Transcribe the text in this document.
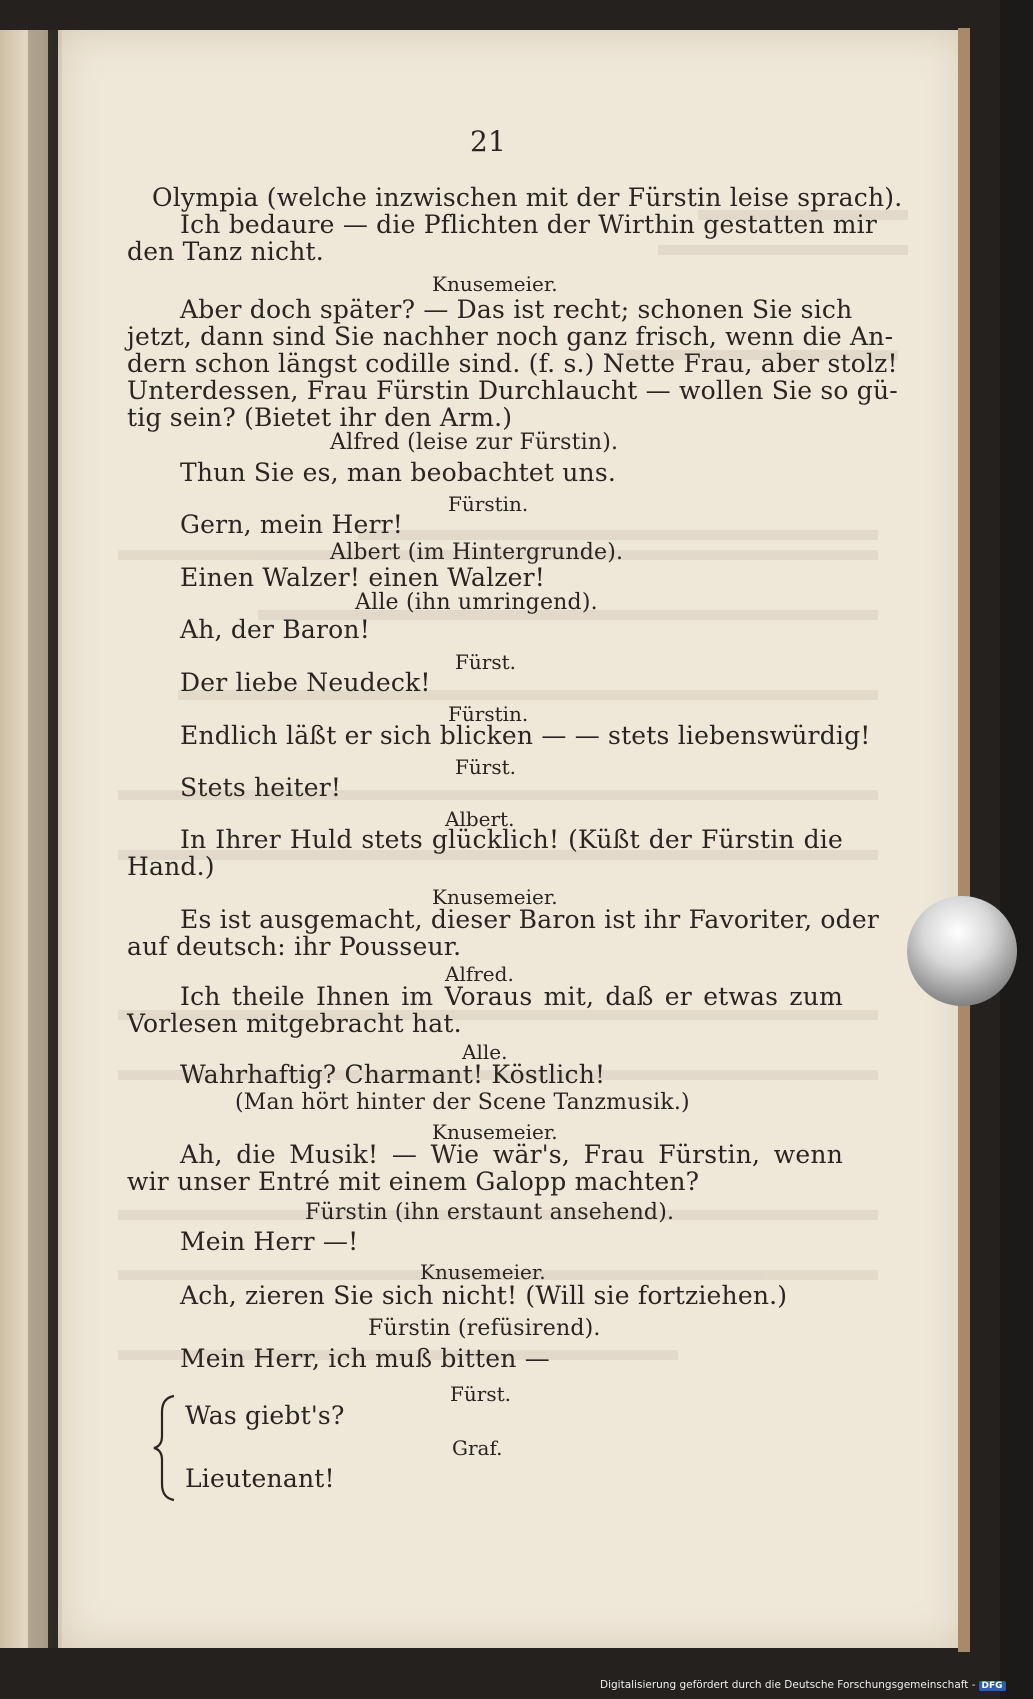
21
Olympia (welche inzwischen mit der Fürstin leise sprach).
Ich bedaure — die Pflichten der Wirthin gestatten mir
den Tanz nicht.
Knusemeier.
Aber doch später? — Das ist recht; schonen Sie sich
jetzt, dann sind Sie nachher noch ganz frisch, wenn die An-
dern schon längst codille sind. (f. s.) Nette Frau, aber stolz!
Unterdessen, Frau Fürstin Durchlaucht — wollen Sie so gü-
tig sein? (Bietet ihr den Arm.)
Alfred (leise zur Fürstin).
Thun Sie es, man beobachtet uns.
Fürstin.
Gern, mein Herr!
Albert (im Hintergrunde).
Einen Walzer! einen Walzer!
Alle (ihn umringend).
Ah, der Baron!
Fürst.
Der liebe Neudeck!
Fürstin.
Endlich läßt er sich blicken — — stets liebenswürdig!
Fürst.
Stets heiter!
Albert.
In Ihrer Huld stets glücklich! (Küßt der Fürstin die
Hand.)
Knusemeier.
Es ist ausgemacht, dieser Baron ist ihr Favoriter, oder
auf deutsch: ihr Pousseur.
Alfred.
Ich theile Ihnen im Voraus mit, daß er etwas zum
Vorlesen mitgebracht hat.
Alle.
Wahrhaftig? Charmant! Köstlich!
(Man hört hinter der Scene Tanzmusik.)
Knusemeier.
Ah, die Musik! — Wie wär's, Frau Fürstin, wenn
wir unser Entré mit einem Galopp machten?
Fürstin (ihn erstaunt ansehend).
Mein Herr —!
Knusemeier.
Ach, zieren Sie sich nicht! (Will sie fortziehen.)
Fürstin (refüsirend).
Mein Herr, ich muß bitten —
Fürst.
Was giebt's?
Graf.
Lieutenant!
Digitalisierung gefördert durch die Deutsche Forschungsgemeinschaft - DFG
